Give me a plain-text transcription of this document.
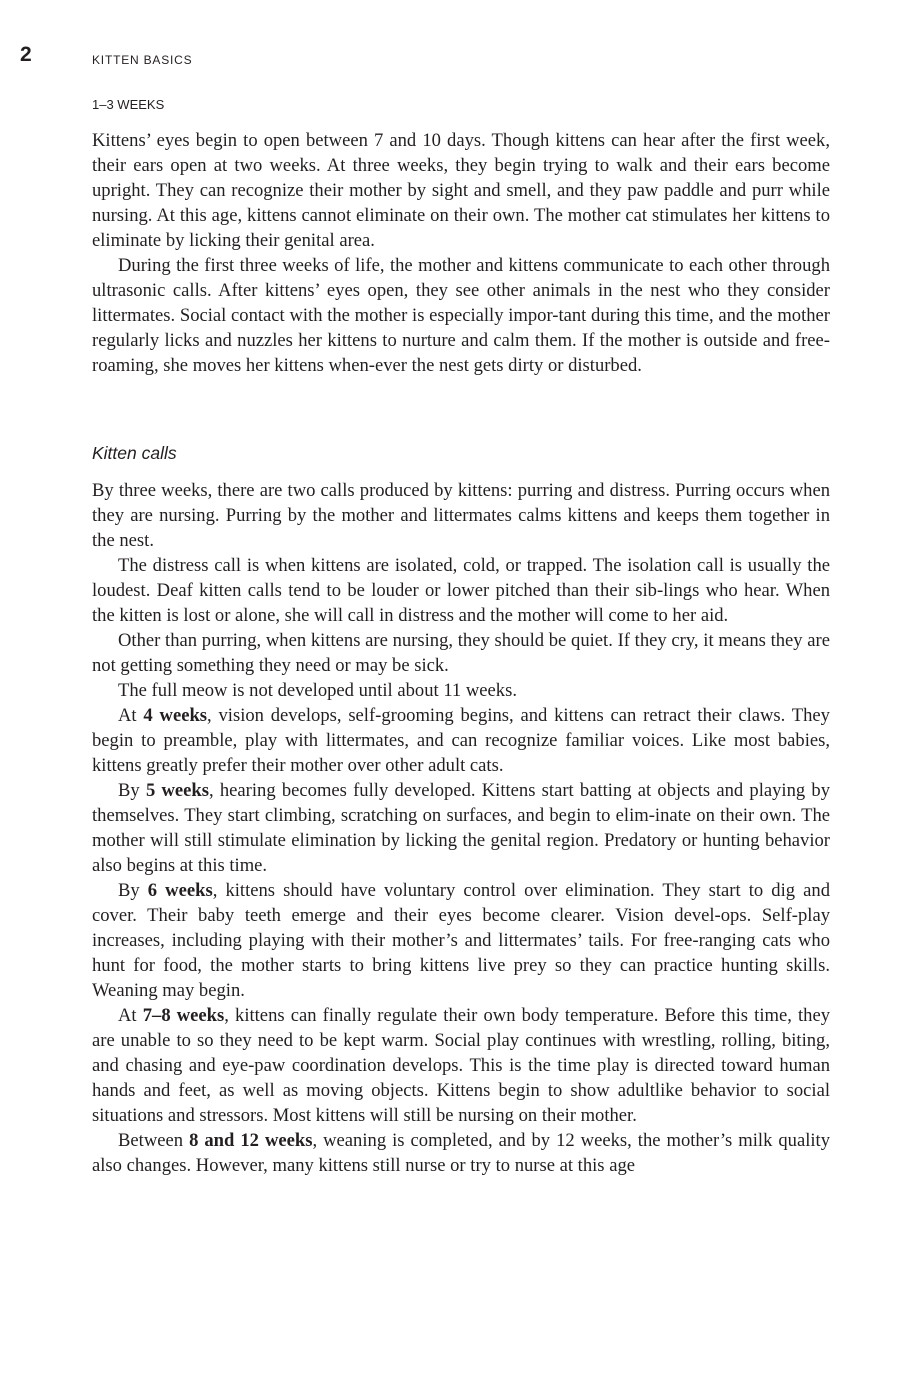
2	KITTEN BASICS
1–3 WEEKS

Kittens’ eyes begin to open between 7 and 10 days. Though kittens can hear after the first week, their ears open at two weeks. At three weeks, they begin trying to walk and their ears become upright. They can recognize their mother by sight and smell, and they paw paddle and purr while nursing. At this age, kittens cannot eliminate on their own. The mother cat stimulates her kittens to eliminate by licking their genital area.

During the first three weeks of life, the mother and kittens communicate to each other through ultrasonic calls. After kittens’ eyes open, they see other animals in the nest who they consider littermates. Social contact with the mother is especially impor-tant during this time, and the mother regularly licks and nuzzles her kittens to nurture and calm them. If the mother is outside and free-roaming, she moves her kittens when-ever the nest gets dirty or disturbed.

Kitten calls

By three weeks, there are two calls produced by kittens: purring and distress. Purring occurs when they are nursing. Purring by the mother and littermates calms kittens and keeps them together in the nest.

The distress call is when kittens are isolated, cold, or trapped. The isolation call is usually the loudest. Deaf kitten calls tend to be louder or lower pitched than their sib-lings who hear. When the kitten is lost or alone, she will call in distress and the mother will come to her aid.

Other than purring, when kittens are nursing, they should be quiet. If they cry, it means they are not getting something they need or may be sick.

The full meow is not developed until about 11 weeks.

At 4 weeks, vision develops, self-grooming begins, and kittens can retract their claws. They begin to preamble, play with littermates, and can recognize familiar voices. Like most babies, kittens greatly prefer their mother over other adult cats.

By 5 weeks, hearing becomes fully developed. Kittens start batting at objects and playing by themselves. They start climbing, scratching on surfaces, and begin to elim-inate on their own. The mother will still stimulate elimination by licking the genital region. Predatory or hunting behavior also begins at this time.

By 6 weeks, kittens should have voluntary control over elimination. They start to dig and cover. Their baby teeth emerge and their eyes become clearer. Vision devel-ops. Self-play increases, including playing with their mother’s and littermates’ tails. For free-ranging cats who hunt for food, the mother starts to bring kittens live prey so they can practice hunting skills. Weaning may begin.

At 7–8 weeks, kittens can finally regulate their own body temperature. Before this time, they are unable to so they need to be kept warm. Social play continues with wrestling, rolling, biting, and chasing and eye-paw coordination develops. This is the time play is directed toward human hands and feet, as well as moving objects. Kittens begin to show adultlike behavior to social situations and stressors. Most kittens will still be nursing on their mother.

Between 8 and 12 weeks, weaning is completed, and by 12 weeks, the mother’s milk quality also changes. However, many kittens still nurse or try to nurse at this age
